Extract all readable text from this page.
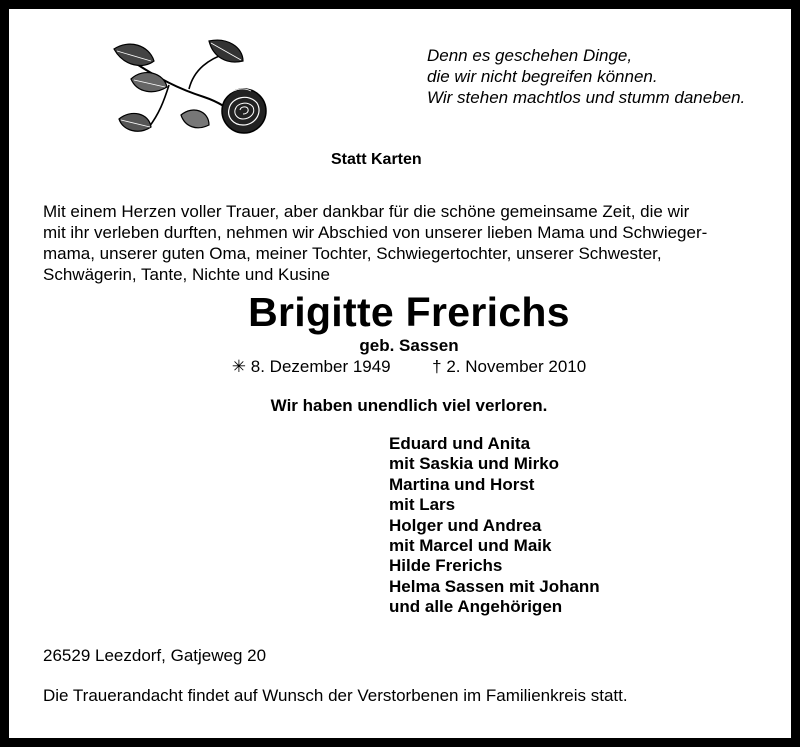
Denn es geschehen Dinge,
die wir nicht begreifen können.
Wir stehen machtlos und stumm daneben.
Statt Karten
Mit einem Herzen voller Trauer, aber dankbar für die schöne gemeinsame Zeit, die wir
mit ihr verleben durften, nehmen wir Abschied von unserer lieben Mama und Schwieger-
mama, unserer guten Oma, meiner Tochter, Schwiegertochter, unserer Schwester,
Schwägerin, Tante, Nichte und Kusine
Brigitte Frerichs
geb. Sassen
✳ 8. Dezember 1949 † 2. November 2010
Wir haben unendlich viel verloren.
Eduard und Anita
mit Saskia und Mirko
Martina und Horst
mit Lars
Holger und Andrea
mit Marcel und Maik
Hilde Frerichs
Helma Sassen mit Johann
und alle Angehörigen
26529 Leezdorf, Gatjeweg 20
Die Trauerandacht findet auf Wunsch der Verstorbenen im Familienkreis statt.
